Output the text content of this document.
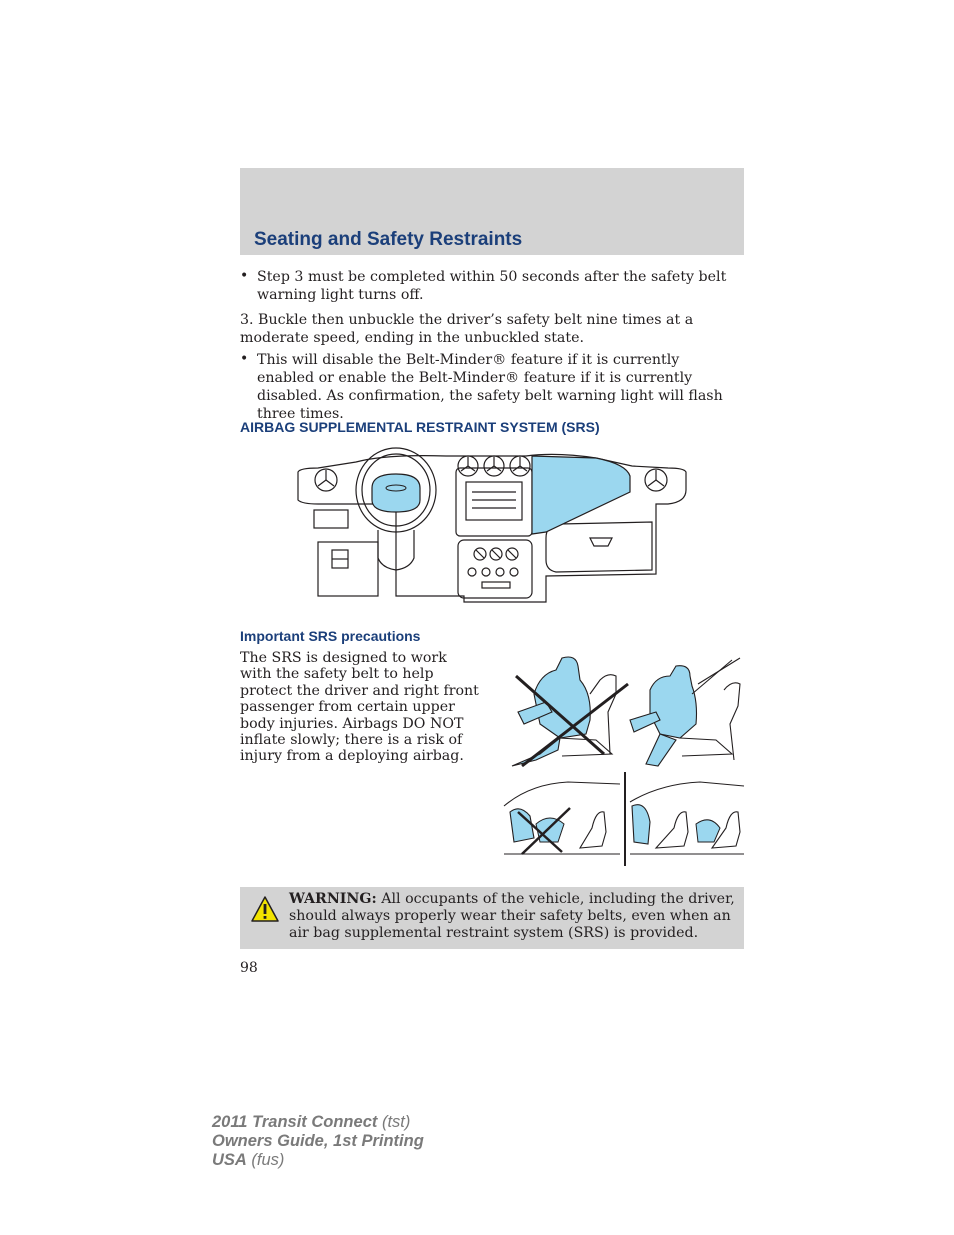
Seating and Safety Restraints
• Step 3 must be completed within 50 seconds after the safety belt warning light turns off.

3. Buckle then unbuckle the driver’s safety belt nine times at a moderate speed, ending in the unbuckled state.

• This will disable the Belt-Minder® feature if it is currently enabled or enable the Belt-Minder® feature if it is currently disabled. As confirmation, the safety belt warning light will flash three times.
AIRBAG SUPPLEMENTAL RESTRAINT SYSTEM (SRS)
Important SRS precautions

The SRS is designed to work with the safety belt to help protect the driver and right front passenger from certain upper body injuries. Airbags DO NOT inflate slowly; there is a risk of injury from a deploying airbag.

WARNING: All occupants of the vehicle, including the driver, should always properly wear their safety belts, even when an air bag supplemental restraint system (SRS) is provided.

98

2011 Transit Connect (tst)
Owners Guide, 1st Printing
USA (fus)
